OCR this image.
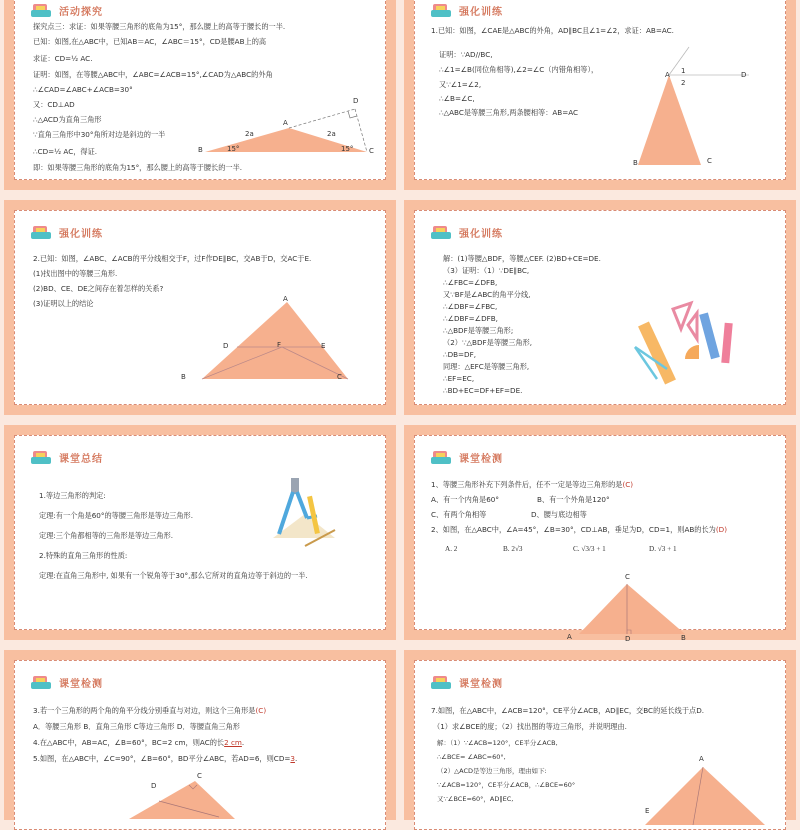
活动探究
探究点三：求证：如果等腰三角形的底角为15°，那么腰上的高等于腰长的一半.
已知：如图,在△ABC中，已知AB＝AC，∠ABC＝15°，CD是腰AB上的高
求证：CD=½ AC.
证明：如图，在等腰△ABC中，∠ABC=∠ACB=15°,∠CAD为△ABC的外角
∴∠CAD=∠ABC+∠ACB=30°
又：CD⊥AD
∴△ACD为直角三角形
∵直角三角形中30°角所对边是斜边的一半
∴CD=½ AC，得证.
即：如果等腰三角形的底角为15°，那么腰上的高等于腰长的一半.
B
A
C
D
2a	2a
15°	15°
强化训练
1.已知：如图，∠CAE是△ABC的外角，AD∥BC且∠1=∠2，求证：AB=AC.
证明：∵AD//BC,
∴∠1=∠B(同位角相等),∠2=∠C（内错角相等），
又∵∠1=∠2,
∴∠B=∠C,
∴△ABC是等腰三角形,两条腰相等：AB=AC
A 1
2
D
B	C
强化训练
2.已知：如图，∠ABC、∠ACB的平分线相交于F，过F作DE∥BC，交AB于D，交AC于E.
(1)找出图中的等腰三角形.
(2)BD、CE、DE之间存在着怎样的关系?
(3)证明以上的结论	A
D	F	E
B	C
强化训练
解：(1)等腰△BDF，等腰△CEF. (2)BD+CE=DE.
（3）证明：（1）∵DE∥BC,
∴∠FBC=∠DFB,
又∵BF是∠ABC的角平分线,
∴∠DBF=∠FBC,
∴∠DBF=∠DFB,
∴△BDF是等腰三角形;
（2）∵△BDF是等腰三角形,
∴DB=DF,
同理：△EFC是等腰三角形,
∴EF=EC,
∴BD+EC=DF+EF=DE.
课堂总结
1.等边三角形的判定:
定理:有一个角是60°的等腰三角形是等边三角形.
定理:三个角都相等的三角形是等边三角形.
2.特殊的直角三角形的性质:
定理:在直角三角形中, 如果有一个锐角等于30°,那么它所对的直角边等于斜边的一半.
课堂检测
1、等腰三角形补充下列条件后，任不一定是等边三角形的是(C)
A、有一个内角是60°	B、有一个外角是120°
C、有两个角相等	D、腰与底边相等
2、如图，在△ABC中，∠A=45°，∠B=30°，CD⊥AB，垂足为D，CD=1，则AB的长为(D)
A. 2	B. 2√3	C. √3/3 + 1	D. √3 + 1
C
A	D	B
课堂检测
3.若一个三角形的两个角的角平分线分别垂直与对边，则这个三角形是(C)
A．等腰三角形 B．直角三角形 C等边三角形 D．等腰直角三角形
4.在△ABC中，AB=AC，∠B=60°，BC=2 cm，则AC的长2 cm.
5.如图，在△ABC中，∠C=90°，∠B=60°，BD平分∠ABC，若AD=6，则CD=3.
C
D
课堂检测
7.如图，在△ABC中，∠ACB=120°，CE平分∠ACB，AD∥EC，交BC的延长线于点D.
（1）求∠BCE的度；（2）找出图的等边三角形，并说明理由.
解：（1）∵∠ACB=120°，CE平分∠ACB,
∴∠BCE= ∠ABC=60°,
（2）△ACD是等边三角形，理由如下:
∵∠ACB=120°，CE平分∠ACB，∴∠BCE=60°
又∵∠BCE=60°，AD∥EC,
A
E
